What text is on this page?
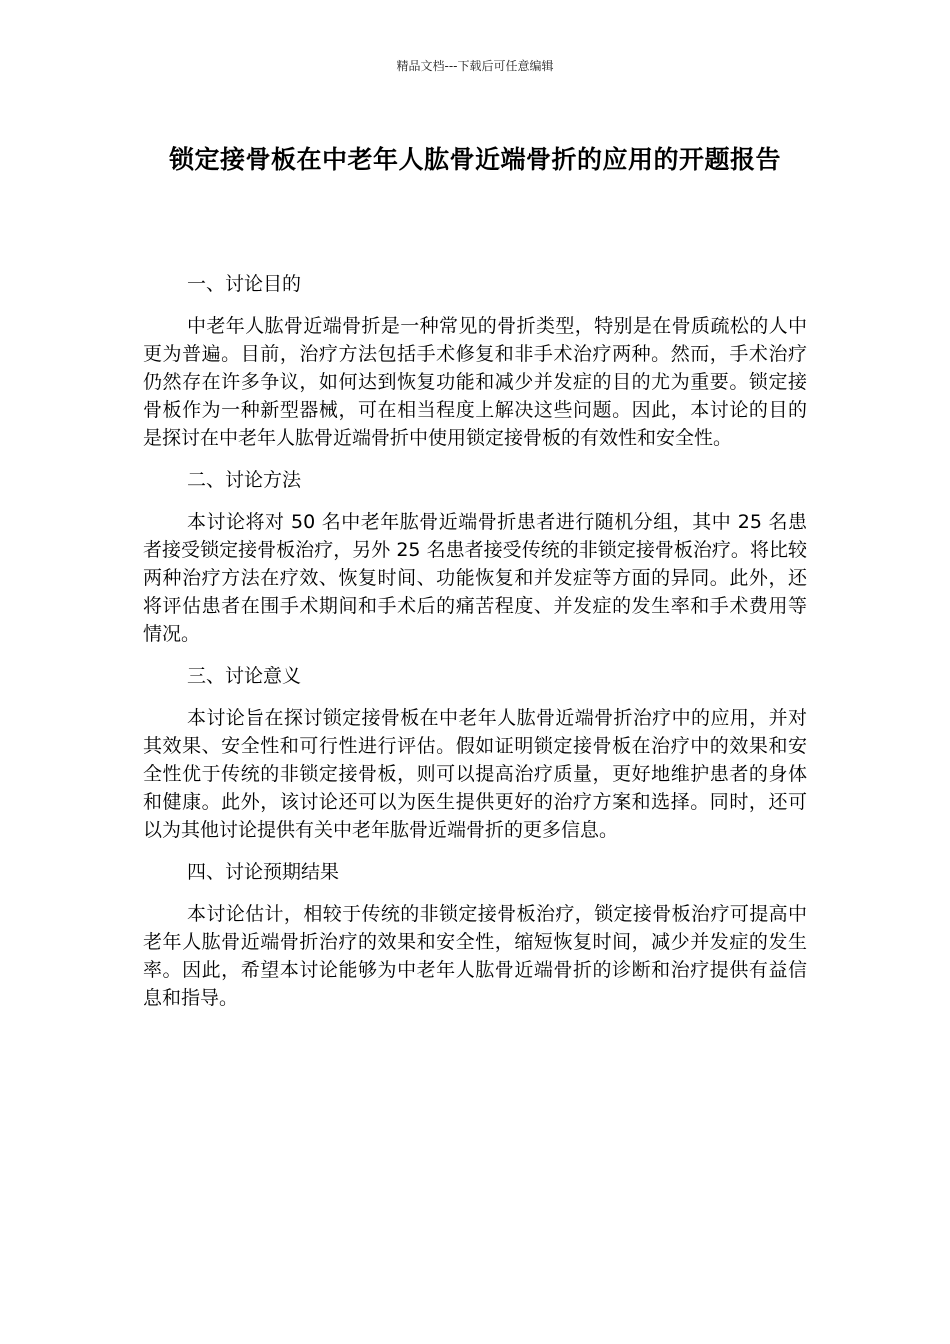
精品文档---下载后可任意编辑
锁定接骨板在中老年人肱骨近端骨折的应用的开题报告

一、讨论目的

中老年人肱骨近端骨折是一种常见的骨折类型，特别是在骨质疏松的人中更为普遍。目前，治疗方法包括手术修复和非手术治疗两种。然而，手术治疗仍然存在许多争议，如何达到恢复功能和减少并发症的目的尤为重要。锁定接骨板作为一种新型器械，可在相当程度上解决这些问题。因此，本讨论的目的是探讨在中老年人肱骨近端骨折中使用锁定接骨板的有效性和安全性。

二、讨论方法

本讨论将对 50 名中老年肱骨近端骨折患者进行随机分组，其中 25 名患者接受锁定接骨板治疗，另外 25 名患者接受传统的非锁定接骨板治疗。将比较两种治疗方法在疗效、恢复时间、功能恢复和并发症等方面的异同。此外，还将评估患者在围手术期间和手术后的痛苦程度、并发症的发生率和手术费用等情况。

三、讨论意义

本讨论旨在探讨锁定接骨板在中老年人肱骨近端骨折治疗中的应用，并对其效果、安全性和可行性进行评估。假如证明锁定接骨板在治疗中的效果和安全性优于传统的非锁定接骨板，则可以提高治疗质量，更好地维护患者的身体和健康。此外，该讨论还可以为医生提供更好的治疗方案和选择。同时，还可以为其他讨论提供有关中老年肱骨近端骨折的更多信息。

四、讨论预期结果

本讨论估计，相较于传统的非锁定接骨板治疗，锁定接骨板治疗可提高中老年人肱骨近端骨折治疗的效果和安全性，缩短恢复时间，减少并发症的发生率。因此，希望本讨论能够为中老年人肱骨近端骨折的诊断和治疗提供有益信息和指导。
